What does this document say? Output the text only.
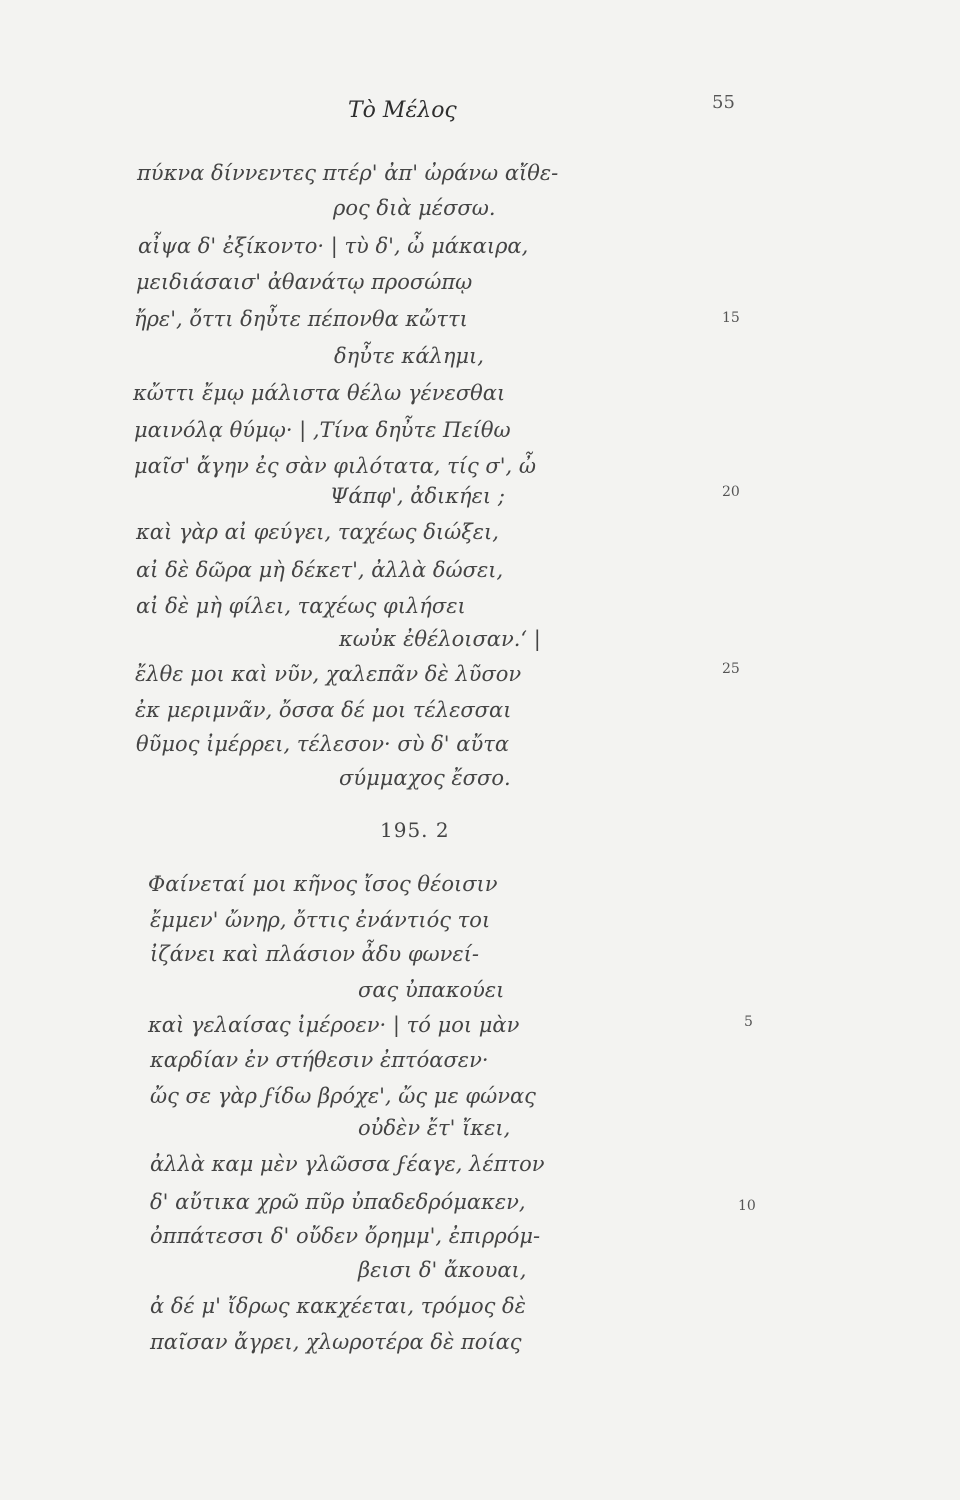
Τὸ Μέλος	55
πύκνα δίννεντες πτέρ' ἀπ' ὠράνω αἴθε-
ρος διὰ μέσσω.
αἶψα δ' ἐξίκοντο· | τὺ δ', ὦ μάκαιρα,
μειδιάσαισ' ἀθανάτῳ προσώπῳ
ἤρε', ὄττι δηὖτε πέπονθα κὤττι
δηὖτε κάλημι,
κὤττι ἔμῳ μάλιστα θέλω γένεσθαι
μαινόλᾳ θύμῳ· | ,Τίνα δηὖτε Πείθω
μαῖσ' ἄγην ἐς σὰν φιλότατα, τίς σ', ὦ
Ψάπφ', ἀδικήει ;
καὶ γὰρ αἰ φεύγει, ταχέως διώξει,
αἰ δὲ δῶρα μὴ δέκετ', ἀλλὰ δώσει,
αἰ δὲ μὴ φίλει, ταχέως φιλήσει
κωὐκ ἐθέλοισαν.‘ |
ἔλθε μοι καὶ νῦν, χαλεπᾶν δὲ λῦσον
ἐκ μεριμνᾶν, ὄσσα δέ μοι τέλεσσαι
θῦμος ἰμέρρει, τέλεσον· σὺ δ' αὔτα
σύμμαχος ἔσσο.
15
20
25
195. 2
Φαίνεταί μοι κῆνος ἴσος θέοισιν
ἔμμεν' ὤνηρ, ὄττις ἐνάντιός τοι
ἰζάνει καὶ πλάσιον ἆδυ φωνεί-
σας ὐπακούει
καὶ γελαίσας ἰμέροεν· | τό μοι μὰν
καρδίαν ἐν στήθεσιν ἐπτόασεν·
ὤς σε γὰρ ϝίδω βρόχε', ὤς με φώνας
οὐδὲν ἔτ' ἴκει,
ἀλλὰ καμ μὲν γλῶσσα ϝέαγε, λέπτον
δ' αὔτικα χρῶ πῦρ ὐπαδεδρόμακεν,
ὀππάτεσσι δ' οὔδεν ὄρημμ', ἐπιρρόμ-
βεισι δ' ἄκουαι,
ἀ δέ μ' ἴδρως κακχέεται, τρόμος δὲ
παῖσαν ἄγρει, χλωροτέρα δὲ ποίας
5
10
